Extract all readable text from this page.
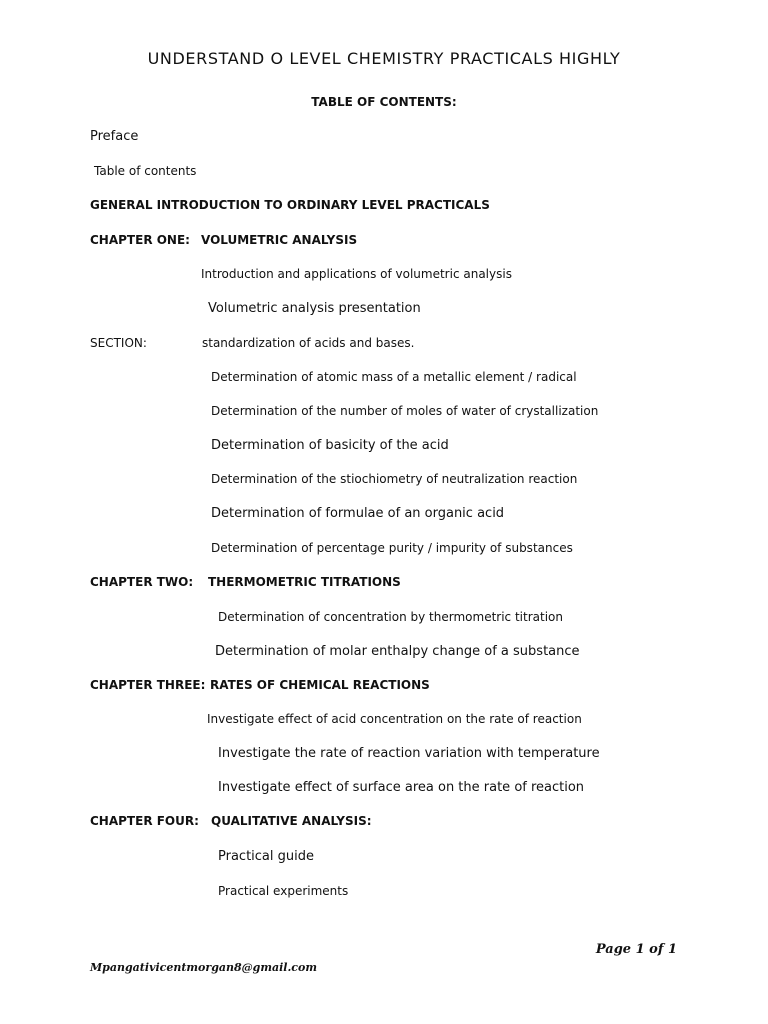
UNDERSTAND O LEVEL CHEMISTRY PRACTICALS HIGHLY
TABLE OF CONTENTS:
Preface
Table of contents
GENERAL INTRODUCTION TO ORDINARY LEVEL PRACTICALS
CHAPTER ONE: VOLUMETRIC ANALYSIS
Introduction and applications of volumetric analysis
Volumetric analysis presentation
SECTION:	standardization of acids and bases.
Determination of atomic mass of a metallic element / radical
Determination of the number of moles of water of crystallization
Determination of basicity of the acid
Determination of the stiochiometry of neutralization reaction
Determination of formulae of an organic acid
Determination of percentage purity / impurity of substances
CHAPTER TWO: THERMOMETRIC TITRATIONS
Determination of concentration by thermometric titration
Determination of molar enthalpy change of a substance
CHAPTER THREE: RATES OF CHEMICAL REACTIONS
Investigate effect of acid concentration on the rate of reaction
Investigate the rate of reaction variation with temperature
Investigate effect of surface area on the rate of reaction
CHAPTER FOUR: QUALITATIVE ANALYSIS:
Practical guide
Practical experiments
Page 1 of 1
Mpangativicentmorgan8@gmail.com
